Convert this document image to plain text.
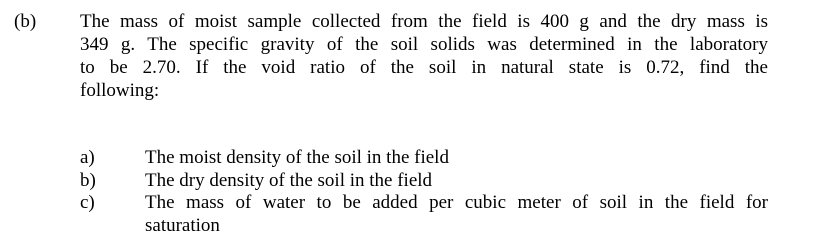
(b) The mass of moist sample collected from the field is 400 g and the dry mass is
349 g. The specific gravity of the soil solids was determined in the laboratory
to be 2.70. If the void ratio of the soil in natural state is 0.72, find the
following:
a)	The moist density of the soil in the field
b)	The dry density of the soil in the field
c)	The mass of water to be added per cubic meter of soil in the field for
saturation
